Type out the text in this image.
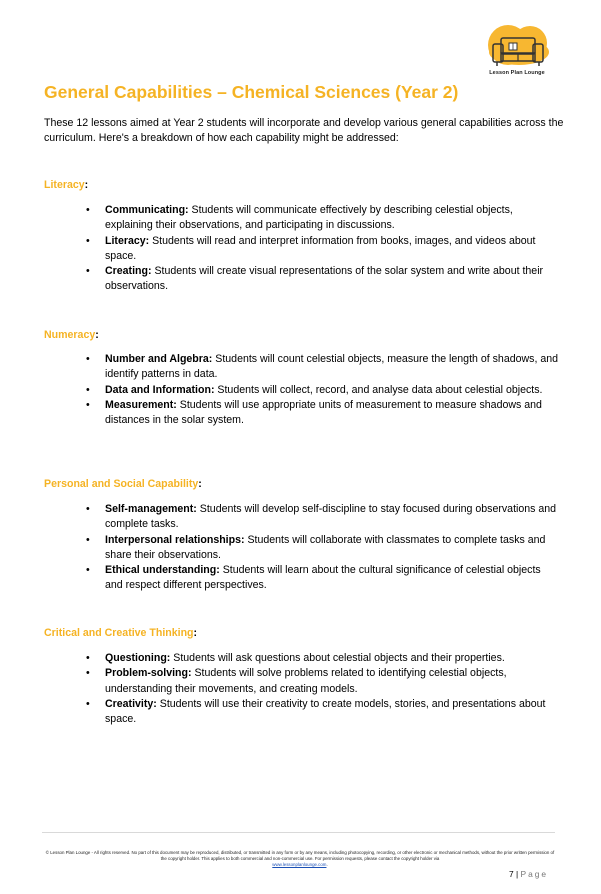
Lesson Plan Lounge
General Capabilities – Chemical Sciences (Year 2)

These 12 lessons aimed at Year 2 students will incorporate and develop various general capabilities across the curriculum. Here's a breakdown of how each capability might be addressed:

Literacy:

• Communicating: Students will communicate effectively by describing celestial objects, explaining their observations, and participating in discussions.
• Literacy: Students will read and interpret information from books, images, and videos about space.
• Creating: Students will create visual representations of the solar system and write about their observations.

Numeracy:

• Number and Algebra: Students will count celestial objects, measure the length of shadows, and identify patterns in data.
• Data and Information: Students will collect, record, and analyse data about celestial objects.
• Measurement: Students will use appropriate units of measurement to measure shadows and distances in the solar system.

Personal and Social Capability:

• Self-management: Students will develop self-discipline to stay focused during observations and complete tasks.
• Interpersonal relationships: Students will collaborate with classmates to complete tasks and share their observations.
• Ethical understanding: Students will learn about the cultural significance of celestial objects and respect different perspectives.

Critical and Creative Thinking:

• Questioning: Students will ask questions about celestial objects and their properties.
• Problem-solving: Students will solve problems related to identifying celestial objects, understanding their movements, and creating models.
• Creativity: Students will use their creativity to create models, stories, and presentations about space.
© Lesson Plan Lounge - All rights reserved. No part of this document may be reproduced, distributed, or transmitted in any form or by any means, including photocopying, recording, or other electronic or mechanical methods, without the prior written permission of the copyright holder. This applies to both commercial and non-commercial use. For permission requests, please contact the copyright holder via
www.lessonplanlounge.com.
7 | Page
